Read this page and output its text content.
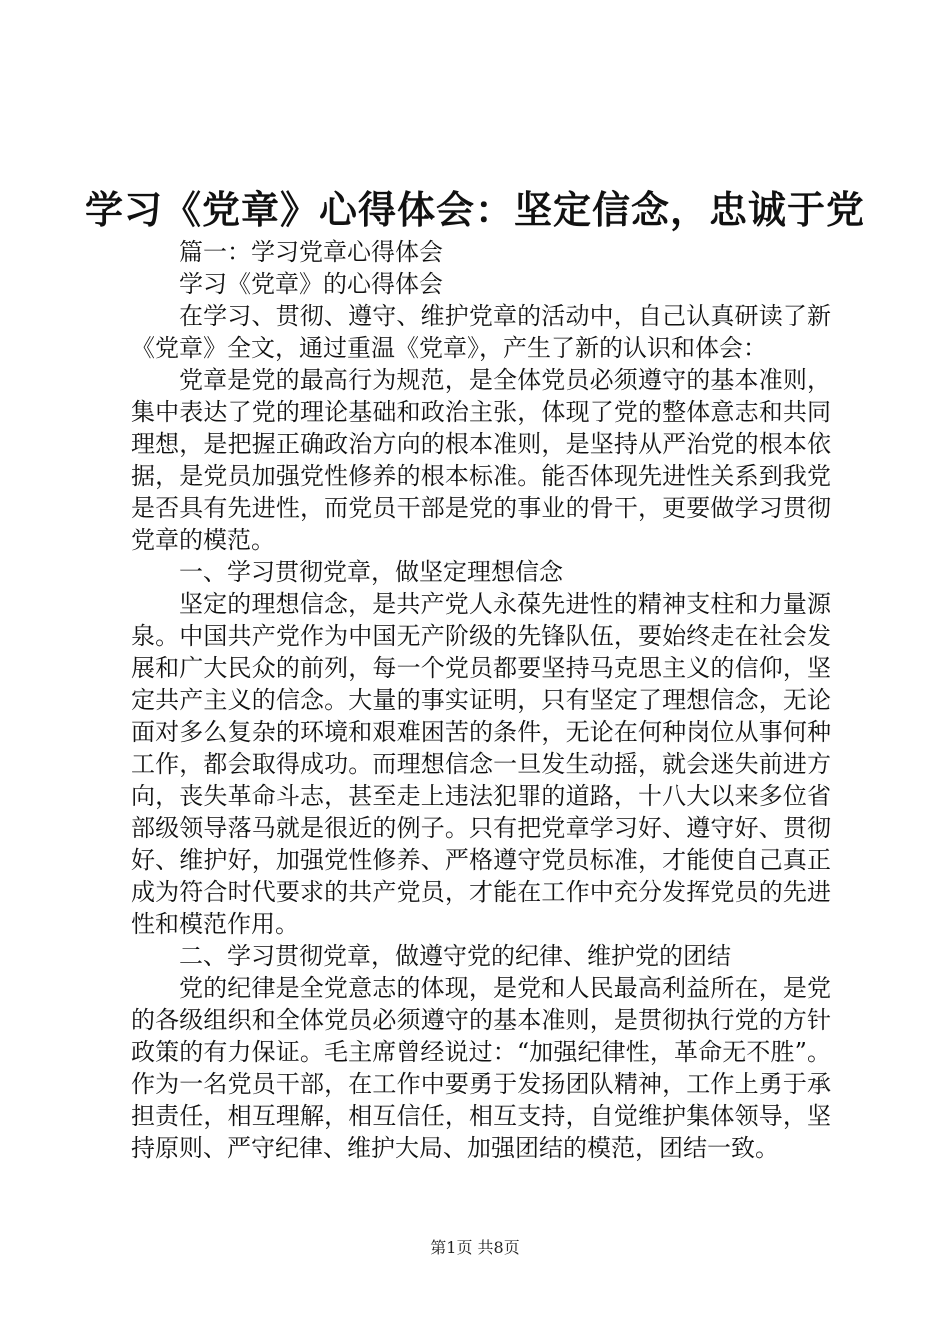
学习《党章》心得体会：坚定信念，忠诚于党

篇一：学习党章心得体会

学习《党章》的心得体会

在学习、贯彻、遵守、维护党章的活动中，自己认真研读了新《党章》全文，通过重温《党章》，产生了新的认识和体会：

党章是党的最高行为规范，是全体党员必须遵守的基本准则，集中表达了党的理论基础和政治主张，体现了党的整体意志和共同理想，是把握正确政治方向的根本准则，是坚持从严治党的根本依据，是党员加强党性修养的根本标准。能否体现先进性关系到我党是否具有先进性，而党员干部是党的事业的骨干，更要做学习贯彻党章的模范。

一、学习贯彻党章，做坚定理想信念

坚定的理想信念，是共产党人永葆先进性的精神支柱和力量源泉。中国共产党作为中国无产阶级的先锋队伍，要始终走在社会发展和广大民众的前列，每一个党员都要坚持马克思主义的信仰，坚定共产主义的信念。大量的事实证明，只有坚定了理想信念，无论面对多么复杂的环境和艰难困苦的条件，无论在何种岗位从事何种工作，都会取得成功。而理想信念一旦发生动摇，就会迷失前进方向，丧失革命斗志，甚至走上违法犯罪的道路，十八大以来多位省部级领导落马就是很近的例子。只有把党章学习好、遵守好、贯彻好、维护好，加强党性修养、严格遵守党员标准，才能使自己真正成为符合时代要求的共产党员，才能在工作中充分发挥党员的先进性和模范作用。

二、学习贯彻党章，做遵守党的纪律、维护党的团结

党的纪律是全党意志的体现，是党和人民最高利益所在，是党的各级组织和全体党员必须遵守的基本准则，是贯彻执行党的方针政策的有力保证。毛主席曾经说过：“加强纪律性，革命无不胜”。作为一名党员干部，在工作中要勇于发扬团队精神，工作上勇于承担责任，相互理解，相互信任，相互支持，自觉维护集体领导，坚持原则、严守纪律、维护大局、加强团结的模范，团结一致。

第1页 共8页
